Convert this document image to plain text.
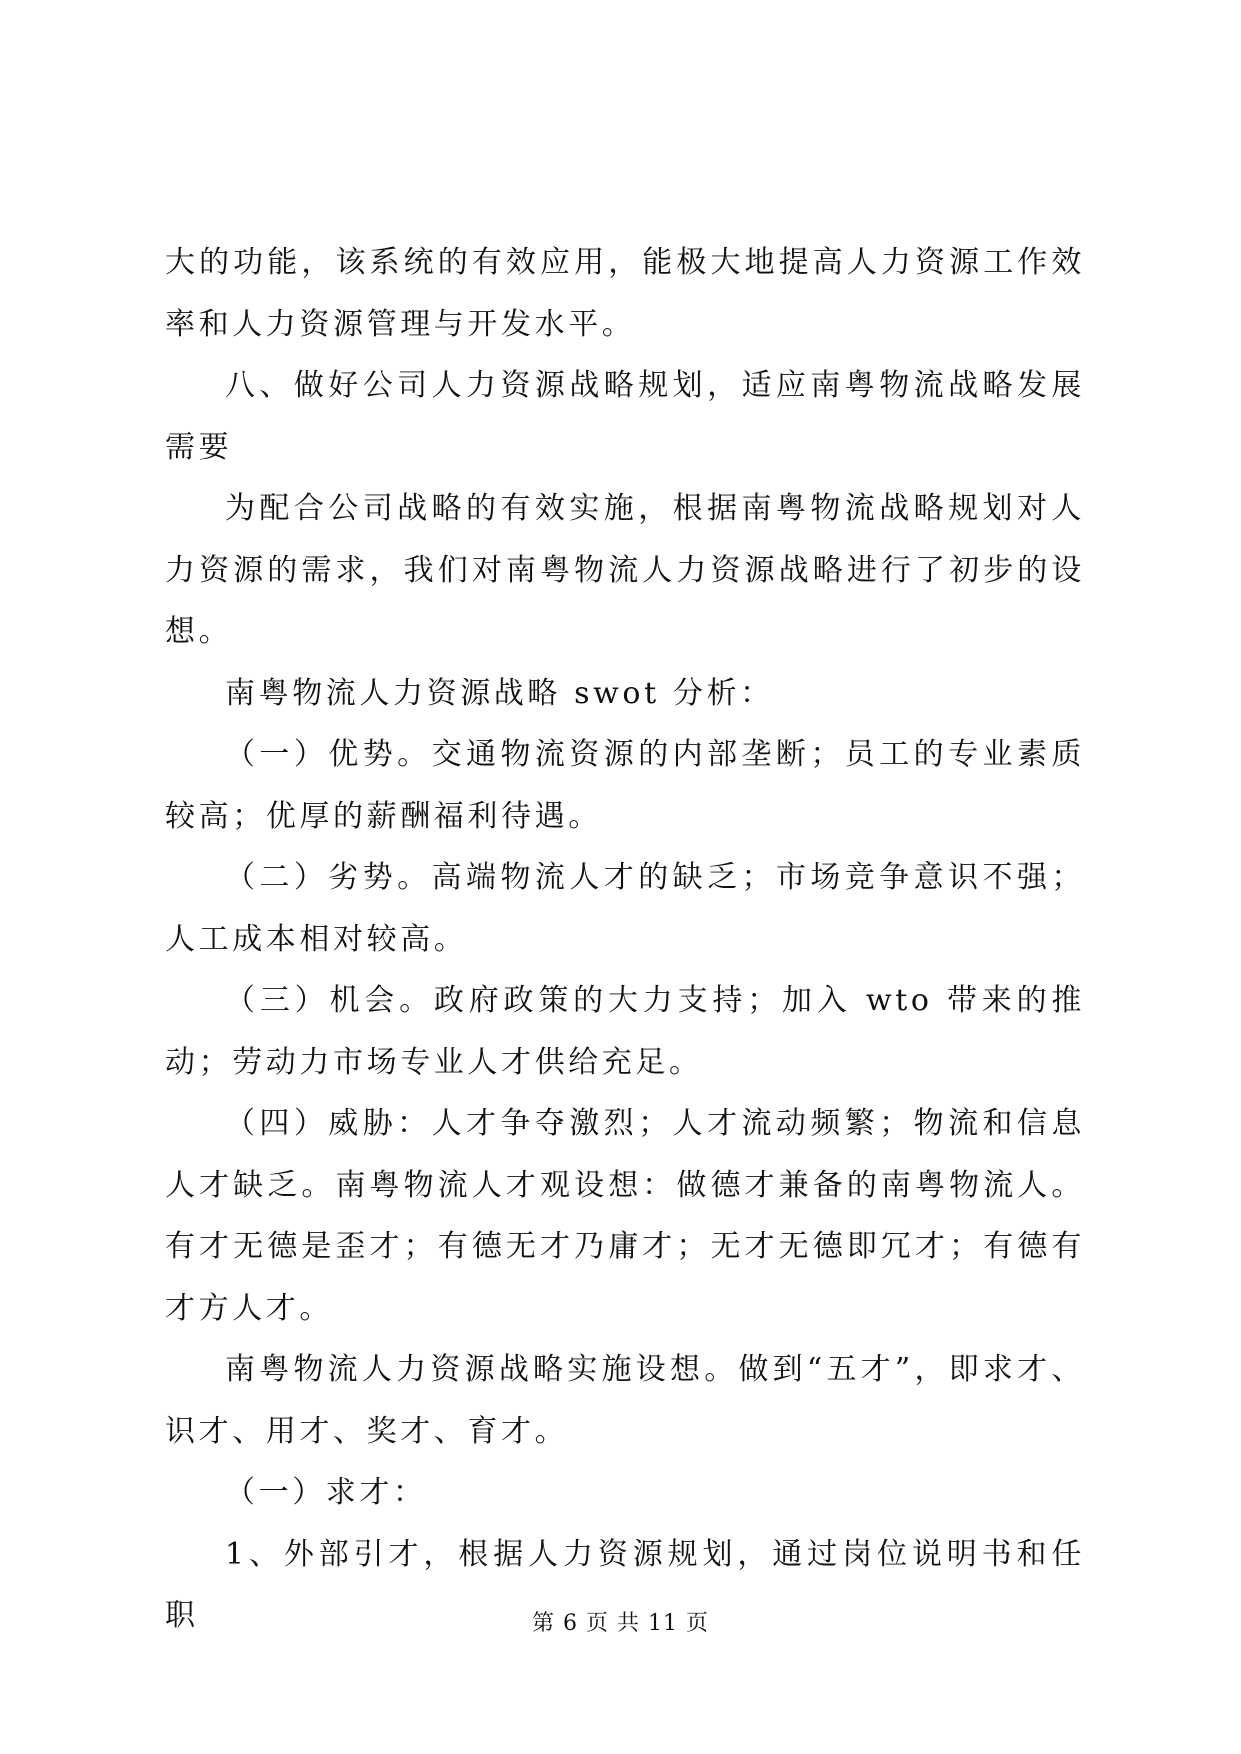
大的功能，该系统的有效应用，能极大地提高人力资源工作效率和人力资源管理与开发水平。

八、做好公司人力资源战略规划，适应南粤物流战略发展需要

为配合公司战略的有效实施，根据南粤物流战略规划对人力资源的需求，我们对南粤物流人力资源战略进行了初步的设想。

南粤物流人力资源战略 swot 分析：

（一）优势。交通物流资源的内部垄断；员工的专业素质较高；优厚的薪酬福利待遇。

（二）劣势。高端物流人才的缺乏；市场竞争意识不强；人工成本相对较高。

（三）机会。政府政策的大力支持；加入 wto 带来的推动；劳动力市场专业人才供给充足。

（四）威胁：人才争夺激烈；人才流动频繁；物流和信息人才缺乏。南粤物流人才观设想：做德才兼备的南粤物流人。有才无德是歪才；有德无才乃庸才；无才无德即冗才；有德有才方人才。

南粤物流人力资源战略实施设想。做到“五才”，即求才、识才、用才、奖才、育才。

（一）求才：

1、外部引才，根据人力资源规划，通过岗位说明书和任职	第 6 页 共 11 页
